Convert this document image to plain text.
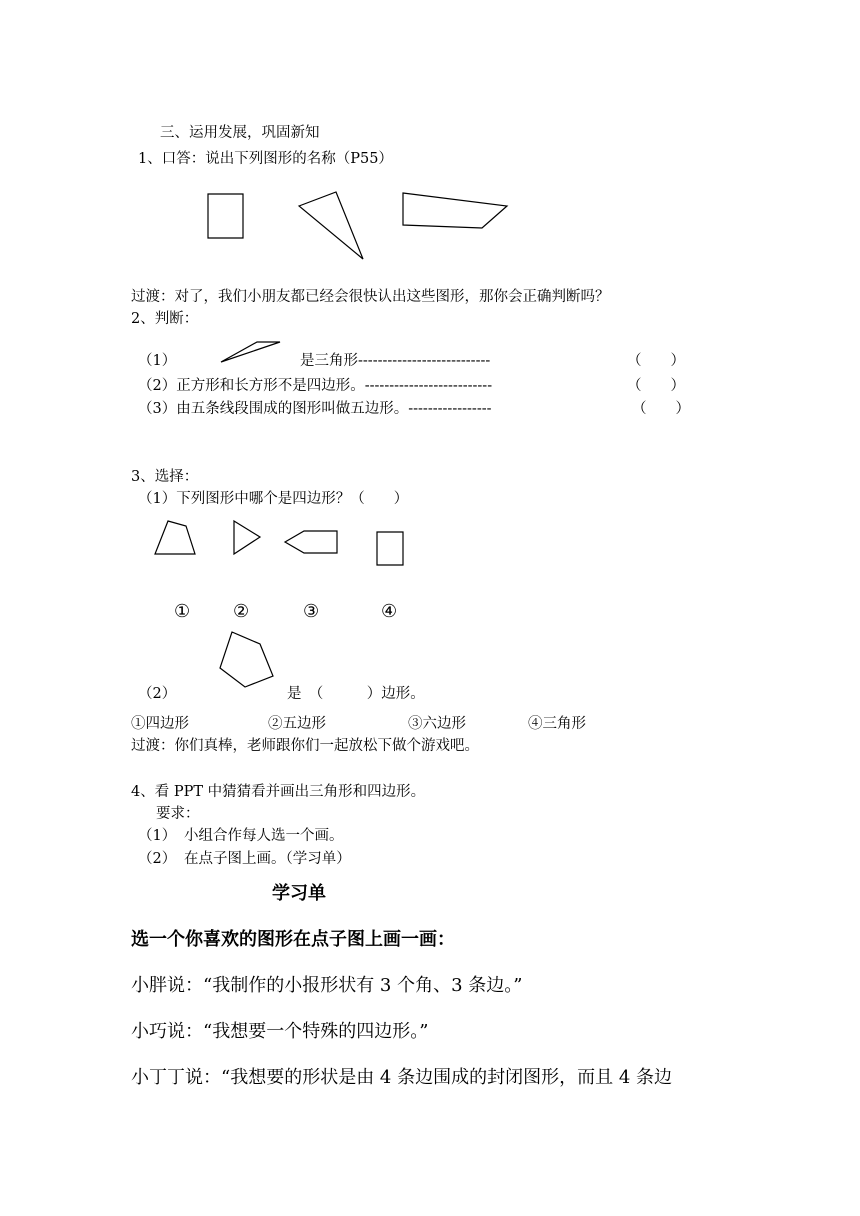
三、运用发展，巩固新知
1、口答：说出下列图形的名称（P55）
过渡：对了，我们小朋友都已经会很快认出这些图形，那你会正确判断吗？
2、判断：
（1）	是三角形---------------------------	（　　）
（2）正方形和长方形不是四边形。--------------------------	（　　）
（3）由五条线段围成的图形叫做五边形。-----------------	（　　）
3、选择：
（1）下列图形中哪个是四边形？（　　）
① ②	③	④
（2）	是　（　　　）边形。
①四边形	②五边形	③六边形	④三角形
过渡：你们真棒，老师跟你们一起放松下做个游戏吧。
4、看 PPT 中猜猜看并画出三角形和四边形。
要求：
（1） 小组合作每人选一个画。
（2） 在点子图上画。（学习单）
学习单
选一个你喜欢的图形在点子图上画一画：
小胖说：“我制作的小报形状有 3 个角、3 条边。”
小巧说：“我想要一个特殊的四边形。”
小丁丁说：“我想要的形状是由 4 条边围成的封闭图形，而且 4 条边
